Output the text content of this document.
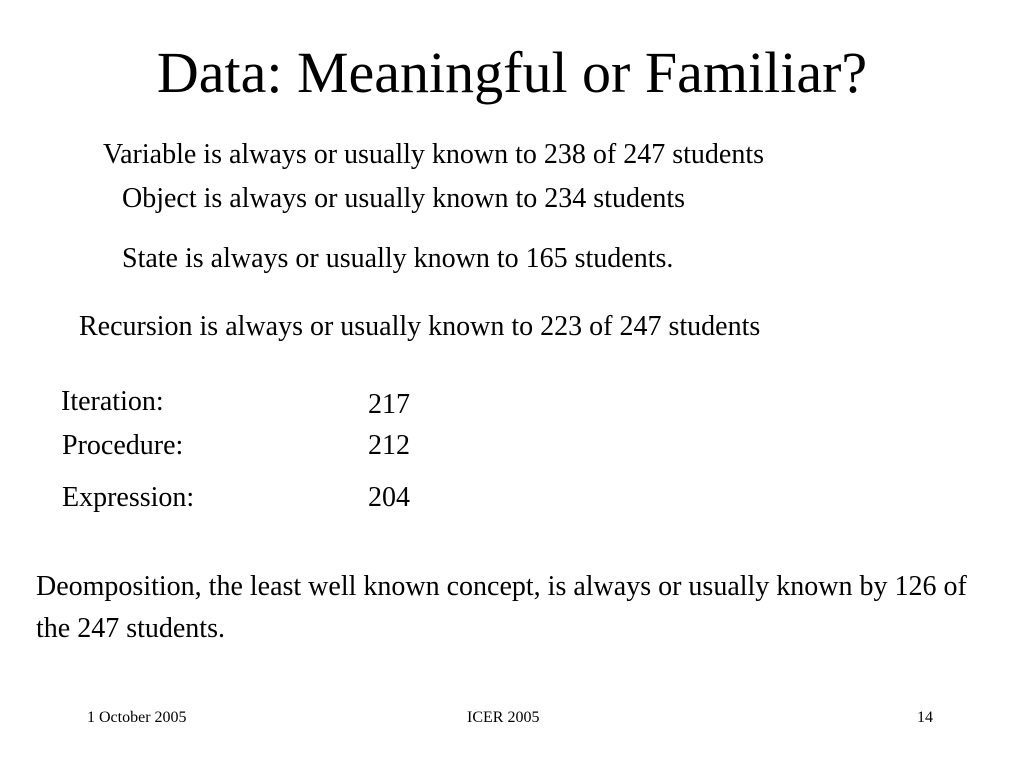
Data: Meaningful or Familiar?
Variable is always or usually known to 238 of 247 students
Object is always or usually known to 234 students
State is always or usually known to 165 students.
Recursion is always or usually known to 223 of 247 students
Iteration:	217
Procedure:	212
Expression:	204
Deomposition, the least well known concept, is always or usually known by 126 of the 247 students.
1 October 2005	ICER 2005	14
